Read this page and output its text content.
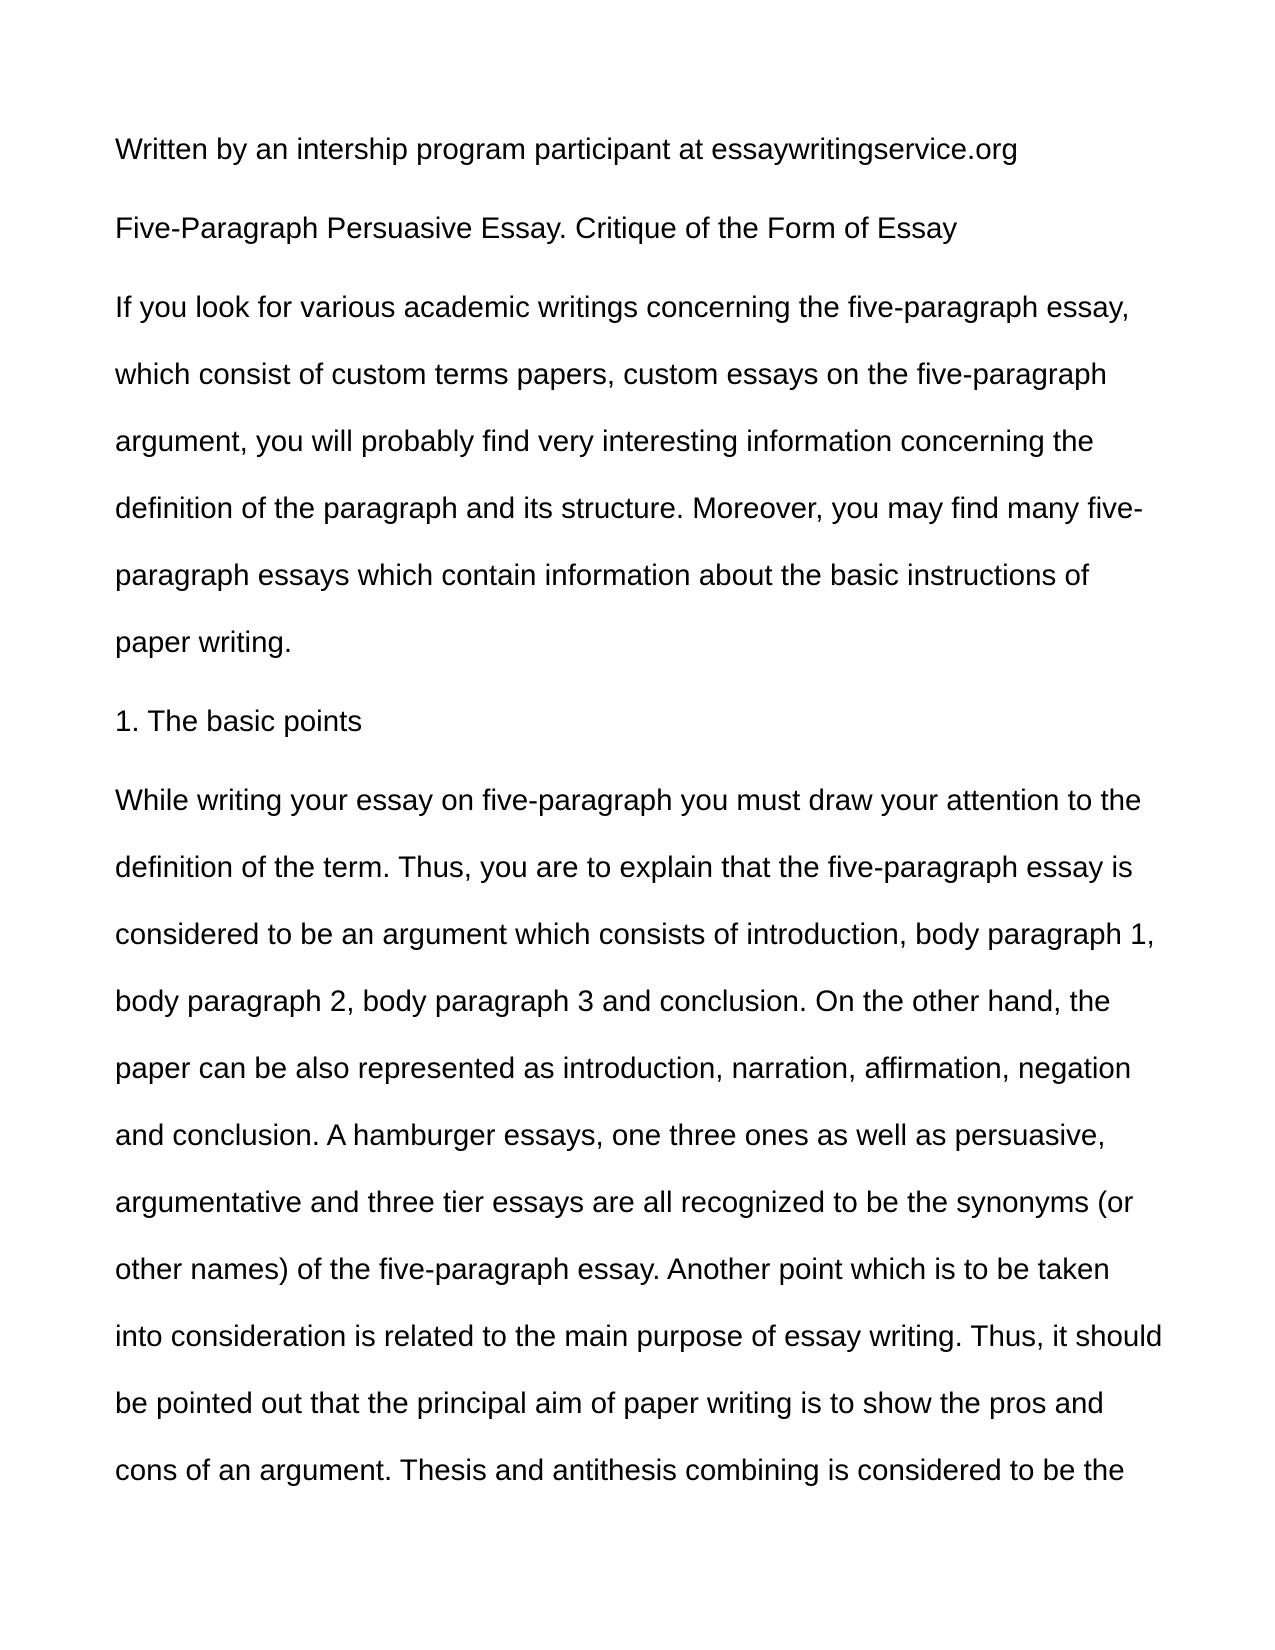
Written by an intership program participant at essaywritingservice.org

Five-Paragraph Persuasive Essay. Critique of the Form of Essay

If you look for various academic writings concerning the five-paragraph essay,
which consist of custom terms papers, custom essays on the five-paragraph
argument, you will probably find very interesting information concerning the
definition of the paragraph and its structure. Moreover, you may find many five-
paragraph essays which contain information about the basic instructions of
paper writing.

1. The basic points

While writing your essay on five-paragraph you must draw your attention to the
definition of the term. Thus, you are to explain that the five-paragraph essay is
considered to be an argument which consists of introduction, body paragraph 1,
body paragraph 2, body paragraph 3 and conclusion. On the other hand, the
paper can be also represented as introduction, narration, affirmation, negation
and conclusion. A hamburger essays, one three ones as well as persuasive,
argumentative and three tier essays are all recognized to be the synonyms (or
other names) of the five-paragraph essay. Another point which is to be taken
into consideration is related to the main purpose of essay writing. Thus, it should
be pointed out that the principal aim of paper writing is to show the pros and
cons of an argument. Thesis and antithesis combining is considered to be the
